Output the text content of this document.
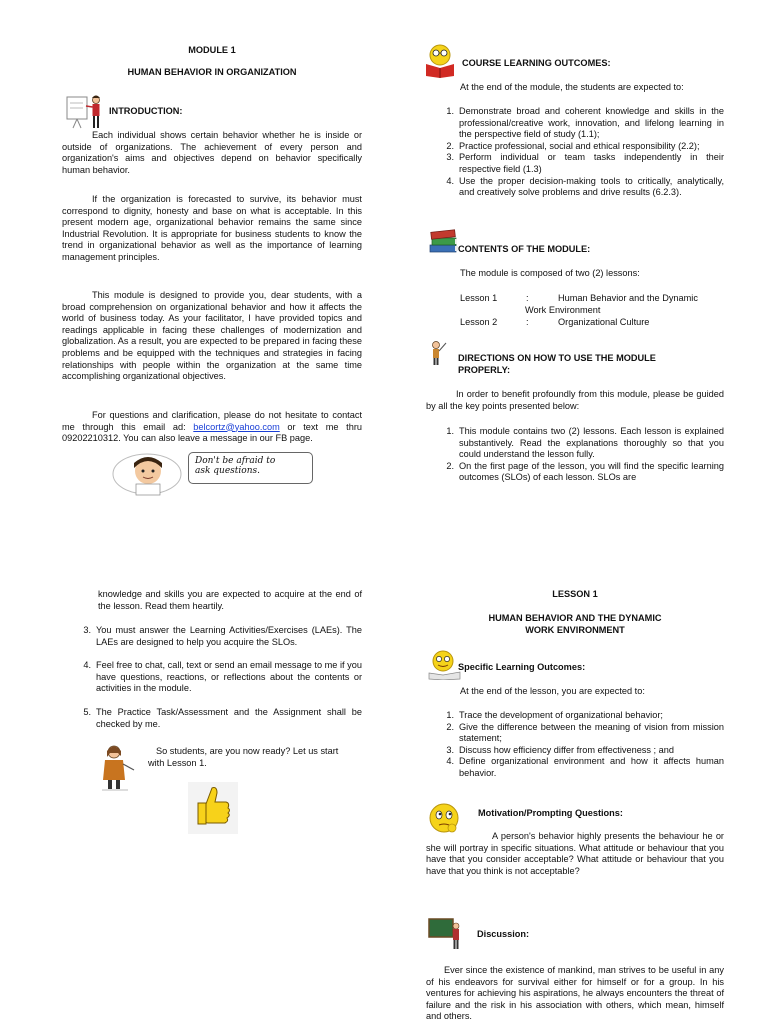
MODULE 1
HUMAN BEHAVIOR IN ORGANIZATION
INTRODUCTION:
Each individual shows certain behavior whether he is inside or outside of organizations. The achievement of every person and organization's aims and objectives depend on behavior specifically human behavior.
If the organization is forecasted to survive, its behavior must correspond to dignity, honesty and base on what is acceptable. In this present modern age, organizational behavior remains the same since Industrial Revolution. It is appropriate for business students to know the trend in organizational behavior as well as the importance of learning management principles.
This module is designed to provide you, dear students, with a broad comprehension on organizational behavior and how it affects the world of business today. As your facilitator, I have provided topics and readings applicable in facing these challenges of modernization and globalization. As a result, you are expected to be prepared in facing these problems and be equipped with the techniques and strategies in facing relationships with people within the organization at the same time accomplishing organizational objectives.
For questions and clarification, please do not hesitate to contact me through this email ad: belcortz@yahoo.com or text me thru 09202210312. You can also leave a message in our FB page.
Don't be afraid to
ask questions.
COURSE LEARNING OUTCOMES:
At the end of the module, the students are expected to:
1. Demonstrate broad and coherent knowledge and skills in the professional/creative work, innovation, and lifelong learning in the perspective field of study (1.1);
2. Practice professional, social and ethical responsibility (2.2);
3. Perform individual or team tasks independently in their respective field (1.3)
4. Use the proper decision-making tools to critically, analytically, and creatively solve problems and drive results (6.2.3).
CONTENTS OF THE MODULE:
The module is composed of two (2) lessons:
Lesson 1	:	Human Behavior and the Dynamic
Work Environment
Lesson 2	:	Organizational Culture
DIRECTIONS ON HOW TO USE THE MODULE
PROPERLY:
In order to benefit profoundly from this module, please be guided by all the key points presented below:
1. This module contains two (2) lessons. Each lesson is explained substantively. Read the explanations thoroughly so that you could understand the lesson fully.
2. On the first page of the lesson, you will find the specific learning outcomes (SLOs) of each lesson. SLOs are
knowledge and skills you are expected to acquire at the end of the lesson. Read them heartily.
3. You must answer the Learning Activities/Exercises (LAEs). The LAEs are designed to help you acquire the SLOs.
4. Feel free to chat, call, text or send an email message to me if you have questions, reactions, or reflections about the contents or activities in the module.
5. The Practice Task/Assessment and the Assignment shall be checked by me.
So students, are you now ready? Let us start
with Lesson 1.
LESSON 1
HUMAN BEHAVIOR AND THE DYNAMIC
WORK ENVIRONMENT
Specific Learning Outcomes:
At the end of the lesson, you are expected to:
1. Trace the development of organizational behavior;
2. Give the difference between the meaning of vision from mission statement;
3. Discuss how efficiency differ from effectiveness ; and
4. Define organizational environment and how it affects human behavior.
Motivation/Prompting Questions:
A person's behavior highly presents the behaviour he or she will portray in specific situations. What attitude or behaviour that you have that you consider acceptable? What attitude or behaviour that you have that you think is not acceptable?
Discussion:
Ever since the existence of mankind, man strives to be useful in any of his endeavors for survival either for himself or for a group. In his ventures for achieving his aspirations, he always encounters the threat of failure and the risk in his association with others, which mean, himself and others.
